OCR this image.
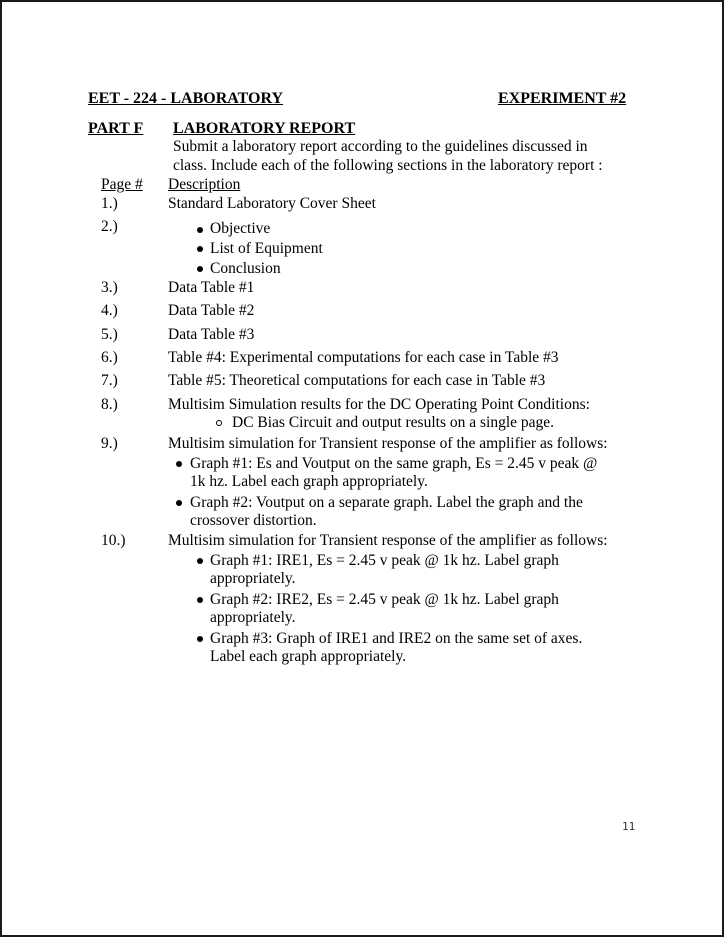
EET - 224 - LABORATORY	EXPERIMENT #2
PART F LABORATORY REPORT
Submit a laboratory report according to the guidelines discussed in
class. Include each of the following sections in the laboratory report :
Page # Description
1.)	Standard Laboratory Cover Sheet
2.)	Objective
List of Equipment
Conclusion
3.)	Data Table #1
4.)	Data Table #2
5.)	Data Table #3
6.)	Table #4: Experimental computations for each case in Table #3
7.)	Table #5: Theoretical computations for each case in Table #3
8.)	Multisim Simulation results for the DC Operating Point Conditions:
DC Bias Circuit and output results on a single page.
9.)	Multisim simulation for Transient response of the amplifier as follows:
Graph #1: Es and Voutput on the same graph, Es = 2.45 v peak @
1k hz. Label each graph appropriately.
Graph #2: Voutput on a separate graph. Label the graph and the
crossover distortion.
10.)	Multisim simulation for Transient response of the amplifier as follows:
Graph #1: IRE1, Es = 2.45 v peak @ 1k hz. Label graph
appropriately.
Graph #2: IRE2, Es = 2.45 v peak @ 1k hz. Label graph
appropriately.
Graph #3: Graph of IRE1 and IRE2 on the same set of axes.
Label each graph appropriately.
11
